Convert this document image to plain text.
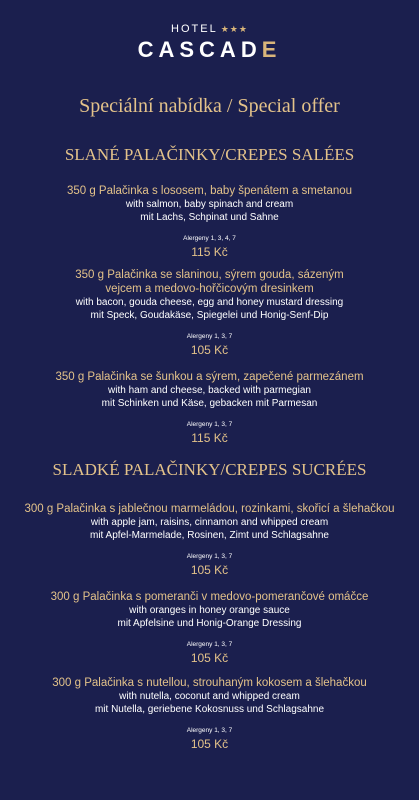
HOTEL ★★★
CASCADE
Speciální nabídka / Special offer
SLANÉ PALAČINKY/CREPES SALÉES
350 g Palačinka s lososem, baby špenátem a smetanou
with salmon, baby spinach and cream
mit Lachs, Schpinat und Sahne
Alergeny 1, 3, 4, 7
115 Kč
350 g Palačinka se slaninou, sýrem gouda, sázeným vejcem a medovo-hořčicovým dresinkem
with bacon, gouda cheese, egg and honey mustard dressing
mit Speck, Goudakäse, Spiegelei und Honig-Senf-Dip
Alergeny 1, 3, 7
105 Kč
350 g Palačinka se šunkou a sýrem, zapečené parmezánem
with ham and cheese, backed with parmegian
mit Schinken und Käse, gebacken mit Parmesan
Alergeny 1, 3, 7
115 Kč
SLADKÉ PALAČINKY/CREPES SUCRÉES
300 g Palačinka s jablečnou marmeládou, rozinkami, skořicí a šlehačkou
with apple jam, raisins, cinnamon and whipped cream
mit Apfel-Marmelade, Rosinen, Zimt und Schlagsahne
Alergeny 1, 3, 7
105 Kč
300 g Palačinka s pomeranči v medovo-pomerančové omáčce
with oranges in honey orange sauce
mit Apfelsine und Honig-Orange Dressing
Alergeny 1, 3, 7
105 Kč
300 g Palačinka s nutellou, strouhaným kokosem a šlehačkou
with nutella, coconut and whipped cream
mit Nutella, geriebene Kokosnuss und Schlagsahne
Alergeny 1, 3, 7
105 Kč
